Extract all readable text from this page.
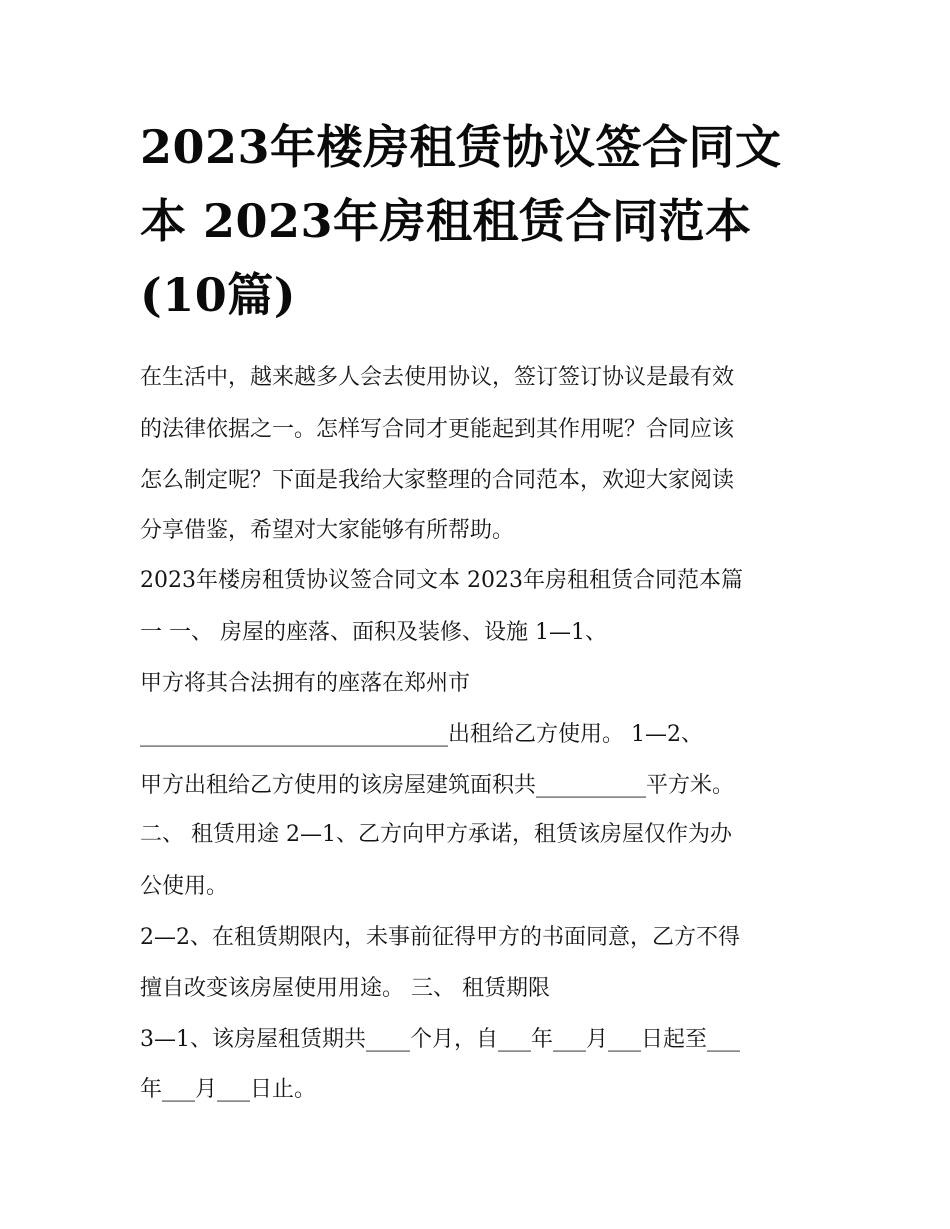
2023年楼房租赁协议签合同文
本 2023年房租租赁合同范本
(10篇)

在生活中，越来越多人会去使用协议，签订签订协议是最有效

的法律依据之一。怎样写合同才更能起到其作用呢？合同应该

怎么制定呢？下面是我给大家整理的合同范本，欢迎大家阅读

分享借鉴，希望对大家能够有所帮助。

2023年楼房租赁协议签合同文本 2023年房租租赁合同范本篇

一 一、 房屋的座落、面积及装修、设施 1—1、

甲方将其合法拥有的座落在郑州市

____________________________出租给乙方使用。 1—2、

甲方出租给乙方使用的该房屋建筑面积共__________平方米。

二、 租赁用途 2—1、乙方向甲方承诺，租赁该房屋仅作为办

公使用。

2—2、在租赁期限内，未事前征得甲方的书面同意，乙方不得

擅自改变该房屋使用用途。 三、 租赁期限

3—1、该房屋租赁期共____个月，自___年___月___日起至___

年___月___日止。
